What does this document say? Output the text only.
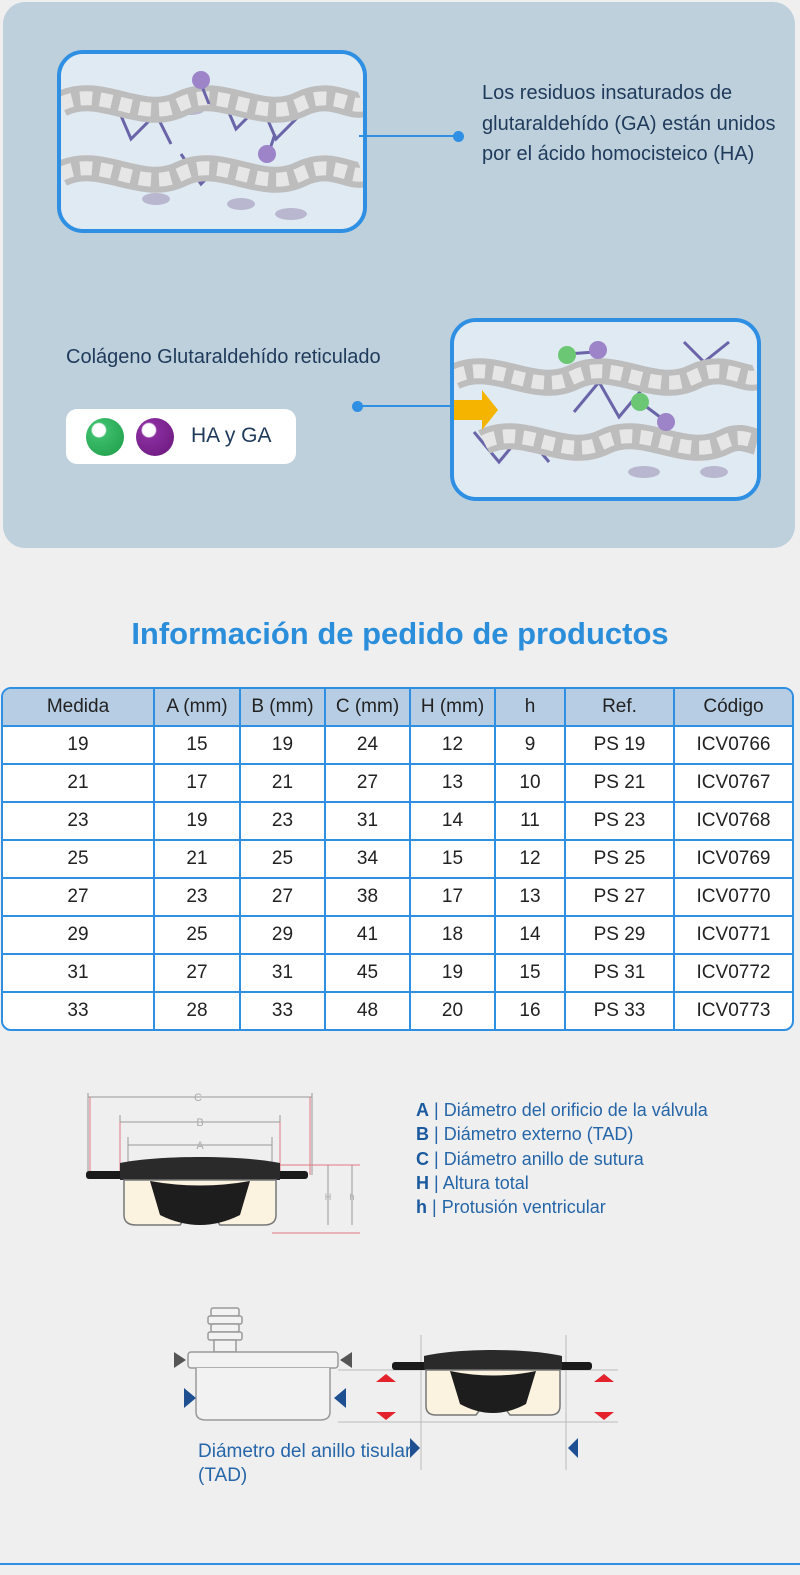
Los residuos insaturados de glutaraldehído (GA) están unidos por el ácido homocisteico (HA)
Colágeno Glutaraldehído reticulado
HA y GA
Información de pedido de productos
Medida	A (mm)	B (mm)	C (mm)	H (mm)	h	Ref.	Código
19	15	19	24	12	9	PS 19	ICV0766
21	17	21	27	13	10	PS 21	ICV0767
23	19	23	31	14	11	PS 23	ICV0768
25	21	25	34	15	12	PS 25	ICV0769
27	23	27	38	17	13	PS 27	ICV0770
29	25	29	41	18	14	PS 29	ICV0771
31	27	31	45	19	15	PS 31	ICV0772
33	28	33	48	20	16	PS 33	ICV0773
C
B
A
H h
A | Diámetro del orificio de la válvula
B | Diámetro externo (TAD)
C | Diámetro anillo de sutura
H | Altura total
h | Protusión ventricular
Diámetro del anillo tisular (TAD)
